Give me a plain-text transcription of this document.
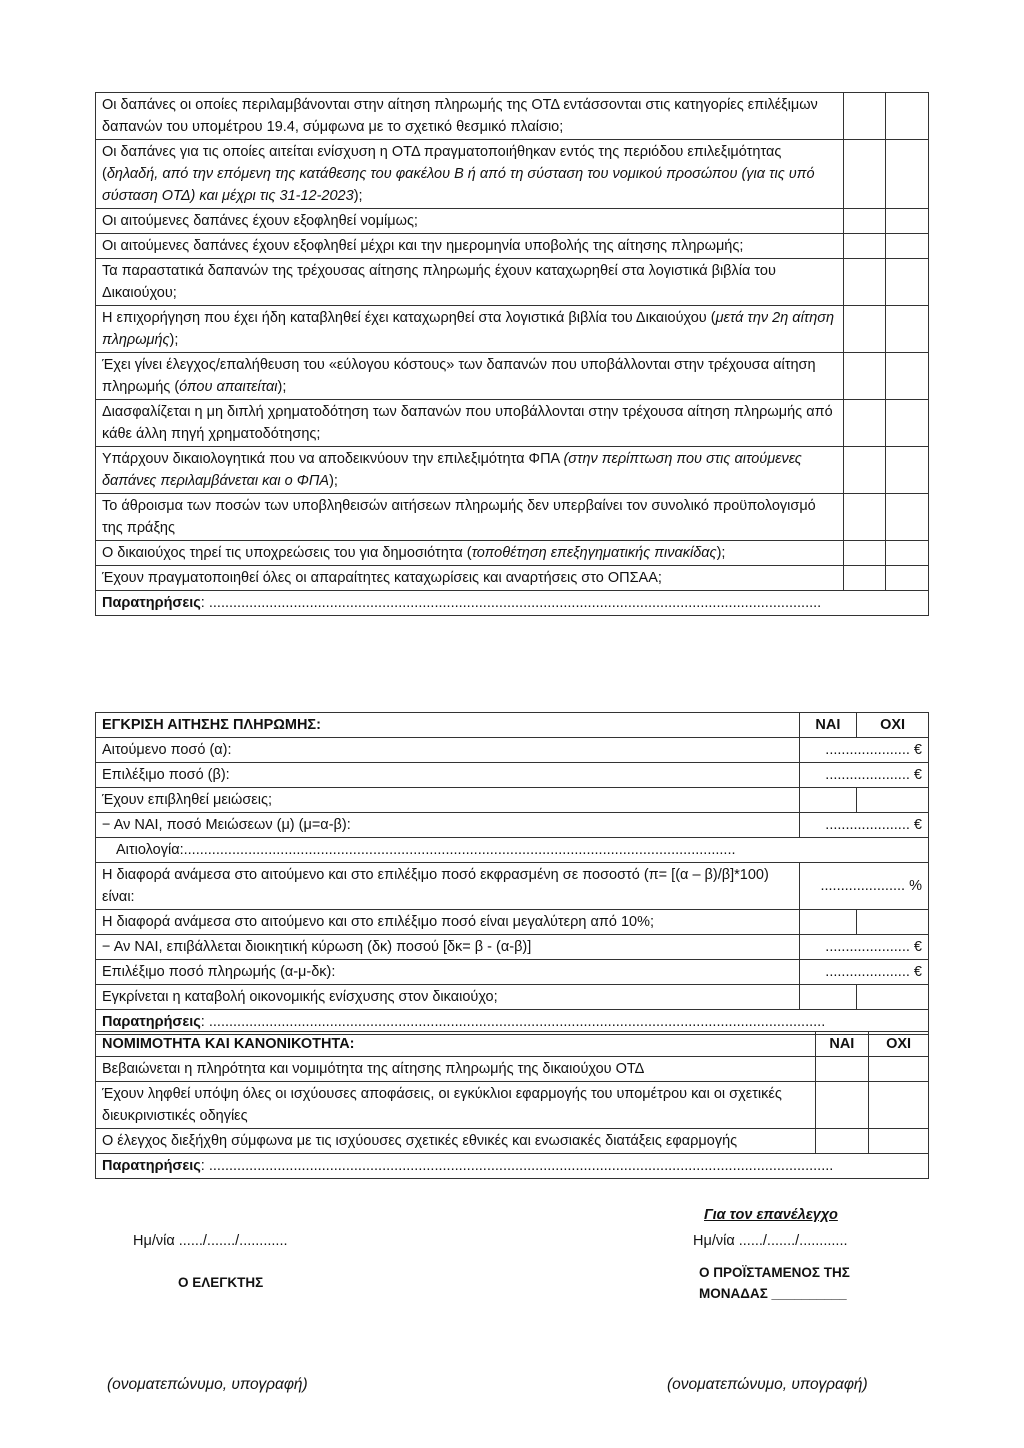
Οι δαπάνες οι οποίες περιλαμβάνονται στην αίτηση πληρωμής της ΟΤΔ εντάσσονται στις κατηγορίες επιλέξιμων δαπανών του υπομέτρου 19.4, σύμφωνα με το σχετικό θεσμικό πλαίσιο;		
Οι δαπάνες για τις οποίες αιτείται ενίσχυση η ΟΤΔ πραγματοποιήθηκαν εντός της περιόδου επιλεξιμότητας (δηλαδή, από την επόμενη της κατάθεσης του φακέλου Β ή από τη σύσταση του νομικού προσώπου (για τις υπό σύσταση ΟΤΔ) και μέχρι τις 31-12-2023);		
Οι αιτούμενες δαπάνες έχουν εξοφληθεί νομίμως;		
Οι αιτούμενες δαπάνες έχουν εξοφληθεί μέχρι και την ημερομηνία υποβολής της αίτησης πληρωμής;		
Τα παραστατικά δαπανών της τρέχουσας αίτησης πληρωμής έχουν καταχωρηθεί στα λογιστικά βιβλία του Δικαιούχου;		
Η επιχορήγηση που έχει ήδη καταβληθεί έχει καταχωρηθεί στα λογιστικά βιβλία του Δικαιούχου (μετά την 2η αίτηση πληρωμής);		
Έχει γίνει έλεγχος/επαλήθευση του «εύλογου κόστους» των δαπανών που υποβάλλονται στην τρέχουσα αίτηση πληρωμής (όπου απαιτείται);		
Διασφαλίζεται η μη διπλή χρηματοδότηση των δαπανών που υποβάλλονται στην τρέχουσα αίτηση πληρωμής από κάθε άλλη πηγή χρηματοδότησης;		
Υπάρχουν δικαιολογητικά που να αποδεικνύουν την επιλεξιμότητα ΦΠΑ (στην περίπτωση που στις αιτούμενες δαπάνες περιλαμβάνεται και ο ΦΠΑ);		
Το άθροισμα των ποσών των υποβληθεισών αιτήσεων πληρωμής δεν υπερβαίνει τον συνολικό προϋπολογισμό της πράξης		
Ο δικαιούχος τηρεί τις υποχρεώσεις του για δημοσιότητα (τοποθέτηση επεξηγηματικής πινακίδας);		
Έχουν πραγματοποιηθεί όλες οι απαραίτητες καταχωρίσεις και αναρτήσεις στο ΟΠΣΑΑ;		
Παρατηρήσεις: ........................................................................................................................................................		
ΕΓΚΡΙΣΗ ΑΙΤΗΣΗΣ ΠΛΗΡΩΜΗΣ:	ΝΑΙ	ΟΧΙ
Αιτούμενο ποσό (α):	..................... €	
Επιλέξιμο ποσό (β):	..................... €	
Έχουν επιβληθεί μειώσεις;		
− Αν ΝΑΙ, ποσό Μειώσεων (μ) (μ=α-β):	..................... €	
Αιτιολογία:.........................................................................................................................................		
Η διαφορά ανάμεσα στο αιτούμενο και στο επιλέξιμο ποσό εκφρασμένη σε ποσοστό (π= [(α – β)/β]*100) είναι:	..................... %	
Η διαφορά ανάμεσα στο αιτούμενο και στο επιλέξιμο ποσό είναι μεγαλύτερη από 10%;		
− Αν ΝΑΙ, επιβάλλεται διοικητική κύρωση (δκ) ποσού [δκ= β - (α-β)]	..................... €	
Επιλέξιμο ποσό πληρωμής (α-μ-δκ):	..................... €	
Εγκρίνεται η καταβολή οικονομικής ενίσχυσης στον δικαιούχο;		
Παρατηρήσεις: .........................................................................................................................................................		
ΝΟΜΙΜΟΤΗΤΑ ΚΑΙ ΚΑΝΟΝΙΚΟΤΗΤΑ:	ΝΑΙ	ΟΧΙ
Βεβαιώνεται η πληρότητα και νομιμότητα της αίτησης πληρωμής της δικαιούχου ΟΤΔ		
Έχουν ληφθεί υπόψη όλες οι ισχύουσες αποφάσεις, οι εγκύκλιοι εφαρμογής του υπομέτρου και οι σχετικές διευκρινιστικές οδηγίες		
Ο έλεγχος διεξήχθη σύμφωνα με τις ισχύουσες σχετικές εθνικές και ενωσιακές διατάξεις εφαρμογής		
Παρατηρήσεις: ...........................................................................................................................................................		
Για τον επανέλεγχο
Ημ/νία ....../......./............	Ημ/νία ....../......./............
Ο ΕΛΕΓΚΤΗΣ
Ο ΠΡΟΪΣΤΑΜΕΝΟΣ ΤΗΣ
ΜΟΝΑΔΑΣ __________
(ονοματεπώνυμο, υπογραφή)	(ονοματεπώνυμο, υπογραφή)
